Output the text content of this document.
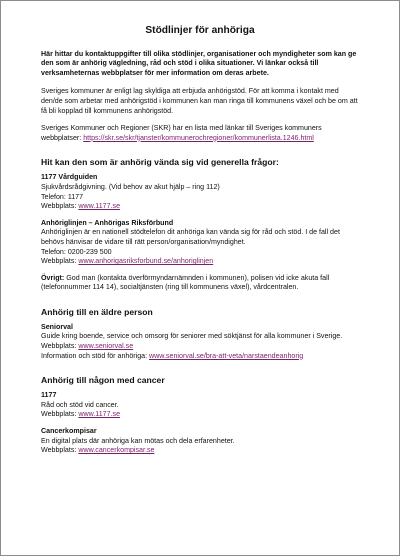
Stödlinjer för anhöriga

Här hittar du kontaktuppgifter till olika stödlinjer, organisationer och myndigheter som kan ge den som är anhörig vägledning, råd och stöd i olika situationer. Vi länkar också till verksamheternas webbplatser för mer information om deras arbete.

Sveriges kommuner är enligt lag skyldiga att erbjuda anhörigstöd. För att komma i kontakt med den/de som arbetar med anhörigstöd i kommunen kan man ringa till kommunens växel och be om att få bli kopplad till kommunens anhörigstöd.

Sveriges Kommuner och Regioner (SKR) har en lista med länkar till Sveriges kommuners webbplatser: https://skr.se/skr/tjanster/kommunerochregioner/kommunerlista.1246.html

Hit kan den som är anhörig vända sig vid generella frågor:
1177 Vårdguiden
Sjukvårdsrådgivning. (Vid behov av akut hjälp – ring 112)
Telefon: 1177
Webbplats: www.1177.se
Anhöriglinjen – Anhörigas Riksförbund
Anhöriglinjen är en nationell stödtelefon dit anhöriga kan vända sig för råd och stöd. I de fall det behövs hänvisar de vidare till rätt person/organisation/myndighet.
Telefon: 0200-239 500
Webbplats: www.anhorigasriksforbund.se/anhoriglinjen

Övrigt: God man (kontakta överförmyndarnämnden i kommunen), polisen vid icke akuta fall (telefonnummer 114 14), socialtjänsten (ring till kommunens växel), vårdcentralen.

Anhörig till en äldre person
Seniorval
Guide kring boende, service och omsorg för seniorer med söktjänst för alla kommuner i Sverige.
Webbplats: www.seniorval.se
Information och stöd för anhöriga: www.seniorval.se/bra-att-veta/narstaendeanhorig
Anhörig till någon med cancer
1177
Råd och stöd vid cancer.
Webbplats: www.1177.se
Cancerkompisar
En digital plats där anhöriga kan mötas och dela erfarenheter.
Webbplats: www.cancerkompisar.se
